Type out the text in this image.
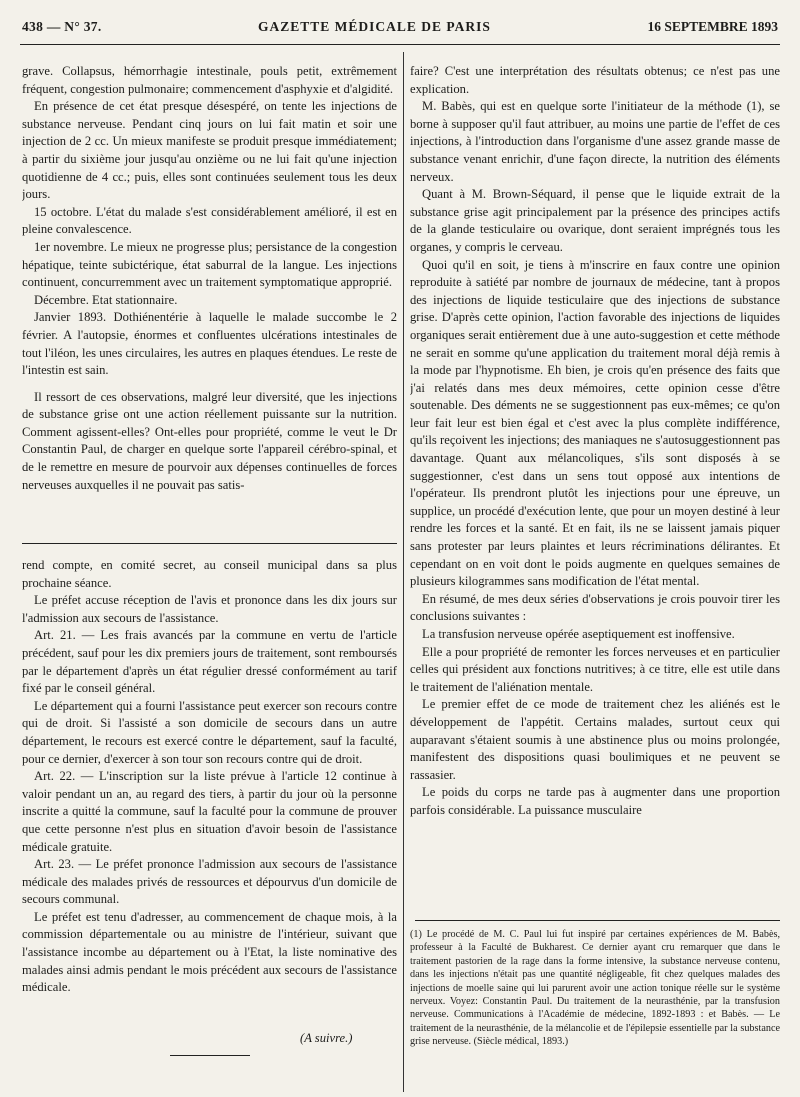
438 — N° 37.	GAZETTE MÉDICALE DE PARIS	16 SEPTEMBRE 1893

grave. Collapsus, hémorrhagie intestinale, pouls petit, extrêmement fréquent, congestion pulmonaire; commencement d'asphyxie et d'algidité.

En présence de cet état presque désespéré, on tente les injections de substance nerveuse. Pendant cinq jours on lui fait matin et soir une injection de 2 cc. Un mieux manifeste se produit presque immédiatement; à partir du sixième jour jusqu'au onzième ou ne lui fait qu'une injection quotidienne de 4 cc.; puis, elles sont continuées seulement tous les deux jours.

15 octobre. L'état du malade s'est considérablement amélioré, il est en pleine convalescence.

1er novembre. Le mieux ne progresse plus; persistance de la congestion hépatique, teinte subictérique, état saburral de la langue. Les injections continuent, concurremment avec un traitement symptomatique approprié.

Décembre. Etat stationnaire.

Janvier 1893. Dothiénentérie à laquelle le malade succombe le 2 février. A l'autopsie, énormes et confluentes ulcérations intestinales de tout l'iléon, les unes circulaires, les autres en plaques étendues. Le reste de l'intestin est sain.

Il ressort de ces observations, malgré leur diversité, que les injections de substance grise ont une action réellement puissante sur la nutrition. Comment agissent-elles? Ont-elles pour propriété, comme le veut le Dr Constantin Paul, de charger en quelque sorte l'appareil cérébro-spinal, et de le remettre en mesure de pourvoir aux dépenses continuelles de forces nerveuses auxquelles il ne pouvait pas satis-

rend compte, en comité secret, au conseil municipal dans sa plus prochaine séance.

Le préfet accuse réception de l'avis et prononce dans les dix jours sur l'admission aux secours de l'assistance.

Art. 21. — Les frais avancés par la commune en vertu de l'article précédent, sauf pour les dix premiers jours de traitement, sont remboursés par le département d'après un état régulier dressé conformément au tarif fixé par le conseil général.

Le département qui a fourni l'assistance peut exercer son recours contre qui de droit. Si l'assisté a son domicile de secours dans un autre département, le recours est exercé contre le département, sauf la faculté, pour ce dernier, d'exercer à son tour son recours contre qui de droit.

Art. 22. — L'inscription sur la liste prévue à l'article 12 continue à valoir pendant un an, au regard des tiers, à partir du jour où la personne inscrite a quitté la commune, sauf la faculté pour la commune de prouver que cette personne n'est plus en situation d'avoir besoin de l'assistance médicale gratuite.

Art. 23. — Le préfet prononce l'admission aux secours de l'assistance médicale des malades privés de ressources et dépourvus d'un domicile de secours communal.

Le préfet est tenu d'adresser, au commencement de chaque mois, à la commission départementale ou au ministre de l'intérieur, suivant que l'assistance incombe au département ou à l'Etat, la liste nominative des malades ainsi admis pendant le mois précédent aux secours de l'assistance médicale.

(A suivre.)

faire? C'est une interprétation des résultats obtenus; ce n'est pas une explication.

M. Babès, qui est en quelque sorte l'initiateur de la méthode (1), se borne à supposer qu'il faut attribuer, au moins une partie de l'effet de ces injections, à l'introduction dans l'organisme d'une assez grande masse de substance venant enrichir, d'une façon directe, la nutrition des éléments nerveux.

Quant à M. Brown-Séquard, il pense que le liquide extrait de la substance grise agit principalement par la présence des principes actifs de la glande testiculaire ou ovarique, dont seraient imprégnés tous les organes, y compris le cerveau.

Quoi qu'il en soit, je tiens à m'inscrire en faux contre une opinion reproduite à satiété par nombre de journaux de médecine, tant à propos des injections de liquide testiculaire que des injections de substance grise. D'après cette opinion, l'action favorable des injections de liquides organiques serait entièrement due à une auto-suggestion et cette méthode ne serait en somme qu'une application du traitement moral déjà remis à la mode par l'hypnotisme. Eh bien, je crois qu'en présence des faits que j'ai relatés dans mes deux mémoires, cette opinion cesse d'être soutenable. Des déments ne se suggestionnent pas eux-mêmes; ce qu'on leur fait leur est bien égal et c'est avec la plus complète indifférence, qu'ils reçoivent les injections; des maniaques ne s'autosuggestionnent pas davantage. Quant aux mélancoliques, s'ils sont disposés à se suggestionner, c'est dans un sens tout opposé aux intentions de l'opérateur. Ils prendront plutôt les injections pour une épreuve, un supplice, un procédé d'exécution lente, que pour un moyen destiné à leur rendre les forces et la santé. Et en fait, ils ne se laissent jamais piquer sans protester par leurs plaintes et leurs récriminations délirantes. Et cependant on en voit dont le poids augmente en quelques semaines de plusieurs kilogrammes sans modification de l'état mental.

En résumé, de mes deux séries d'observations je crois pouvoir tirer les conclusions suivantes :

La transfusion nerveuse opérée aseptiquement est inoffensive.

Elle a pour propriété de remonter les forces nerveuses et en particulier celles qui président aux fonctions nutritives; à ce titre, elle est utile dans le traitement de l'aliénation mentale.

Le premier effet de ce mode de traitement chez les aliénés est le développement de l'appétit. Certains malades, surtout ceux qui auparavant s'étaient soumis à une abstinence plus ou moins prolongée, manifestent des dispositions quasi boulimiques et ne peuvent se rassasier.

Le poids du corps ne tarde pas à augmenter dans une proportion parfois considérable. La puissance musculaire

(1) Le procédé de M. C. Paul lui fut inspiré par certaines expériences de M. Babès, professeur à la Faculté de Bukharest. Ce dernier ayant cru remarquer que dans le traitement pastorien de la rage dans la forme intensive, la substance nerveuse contenu, dans les injections n'était pas une quantité négligeable, fit chez quelques malades des injections de moelle saine qui lui parurent avoir une action tonique réelle sur le système nerveux. Voyez: Constantin Paul. Du traitement de la neurasthénie, par la transfusion nerveuse. Communications à l'Académie de médecine, 1892-1893 : et Babès. — Le traitement de la neurasthénie, de la mélancolie et de l'épilepsie essentielle par la substance grise nerveuse. (Siècle médical, 1893.)
